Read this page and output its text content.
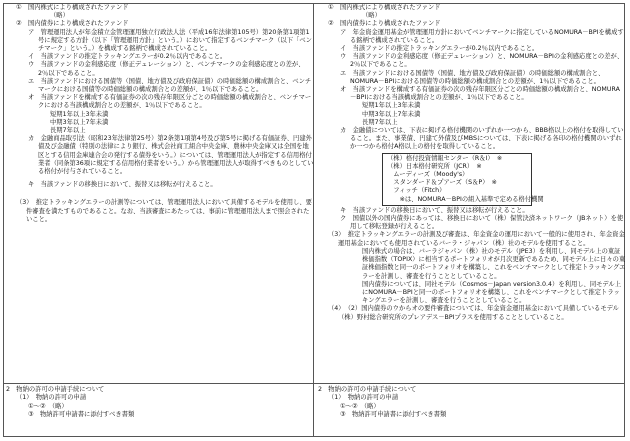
①　国内株式により構成されたファンド
（略）
②　国内債券により構成されたファンド
ア　管理運用法人が年金積立金管理運用独立行政法人法（平成16年法律第105号）第20条第1項第1号に規定する方針（以下「管理運用方針」という。）において指定するベンチマーク（以下「ベンチマーク」という。）を構成する銘柄で構成されていること。
イ　当該ファンドの推定トラッキングエラーが0.2％以内であること。
ウ　当該ファンドの金利感応度（修正デュレーション）と、ベンチマークの金利感応度との差が、2％以下であること。
エ　当該ファンドにおける国債等（国債、地方債及び政府保証債）の時価総額の構成割合と、ベンチマークにおける国債等の時価総額の構成割合との差額が、1％以下であること。
オ　当該ファンドを構成する有価証券の次の残存年限区分ごとの時価総額の構成割合と、ベンチマークにおける当該構成割合との差額が、1％以下であること。
短期1年以上3年未満
中期3年以上7年未満
長期7年以上
カ　金融商品取引法（昭和23年法律第25号）第2条第1項第4号及び第5号に掲げる有価証券、円建外債及び金融債（特別の法律により銀行、株式会社商工組合中央金庫、農林中央金庫又は全国を地区とする信用金庫連合会の発行する債券をいう。）については、管理運用法人が指定する信用格付業者（同条第36項に規定する信用格付業者をいう。）から管理運用法人が取得すべきものとしている格付が付与されていること。
キ　当該ファンドの移換日において、振替又は移転が行えること。
（3）　推定トラッキングエラーの計測等については、管理運用法人において具備するモデルを使用し、要件審査を満たすものであること。なお、当該審査にあたっては、事前に管理運用法人まで照会されたいこと。
①　国内株式により構成されたファンド
（略）
②　国内債券により構成されたファンド
ア　年金資金運用基金が管理運用方針においてベンチマークに指定しているNOMURA－BPIを構成する銘柄で構成されていること。
イ　当該ファンドの推定トラッキングエラーが0.2％以内であること。
ウ　当該ファンドの金利感応度（修正デュレーション）と、NOMURA－BPIの金利感応度との差が、2％以下であること。
エ　当該ファンドにおける国債等（国債、地方債及び政府保証債）の時価総額の構成割合と、NOMURA－BPIにおける国債等の時価総額の構成割合との差額が、1％以下であること。
オ　当該ファンドを構成する有価証券の次の残存年限区分ごとの時価総額の構成割合と、NOMURA－BPIにおける当該構成割合との差額が、1％以下であること。
短期1年以上3年未満
中期3年以上7年未満
長期7年以上
カ　金融債については、下表に掲げる格付機関のいずれか一つから、BBB格以上の格付を取得していること。また、事業債、円建て外債及びMBSについては、下表に掲げる各印の格付機関のいずれか一つから格付A格以上の格付を取得していること。
（株）格付投資情報センター（R＆I）　※
（株）日本格付研究所（JCR）　※
　ムーディーズ（Moody's）
　スタンダード＆プアーズ（S＆P）　※
　フィッチ（Fitch）
　　※は、NOMURA－BPIの組入基準で定める格付機関
キ　当該ファンドの移換日において、振替又は移転が行えること。
ク　国債以外の国内債券にあっては、移換日において（株）保管決済ネットワーク（JBネット）を使用して移転登録が行えること。
（3）　推定トラッキングエラーの計測及び審査は、年金資金の運用において一般的に使用され、年金資金運用基金においても使用されているバーラ・ジャパン（株）社のモデルを使用すること。
国内株式の場合は、バーラジャパン（株）社のモデル（JPE3）を利用し、同モデル上の東証株価指数（TOPIX）に相当するポートフォリオが月次更新であるため、同モデル上に日々の東証株価指数と同一のポートフォリオを構築し、これをベンチマークとして推定トラッキングエラーを計測し、審査を行うこととしていること。
国内債券については、同社モデル（Cosmos－Japan version3.0.4）を利用し、同モデル上にNOMURA－BPIと同一のポートフォリオを構築し、これをベンチマークとして推定トラッキングエラーを計測し、審査を行うこととしていること。
（4）　（2）国内債券のウからオの要件審査については、年金資金運用基金において具備しているモデル（株）野村総合研究所のプレアデス－BPIプラスを使用することとしていること。
2　物納の許可の申請手続について
（1）　物納の許可の申請
①～②　（略）
③　物納許可申請書に添付すべき書類
2　物納の許可の申請手続について
（1）　物納の許可の申請
①～②　（略）
③　物納許可申請書に添付すべき書類
